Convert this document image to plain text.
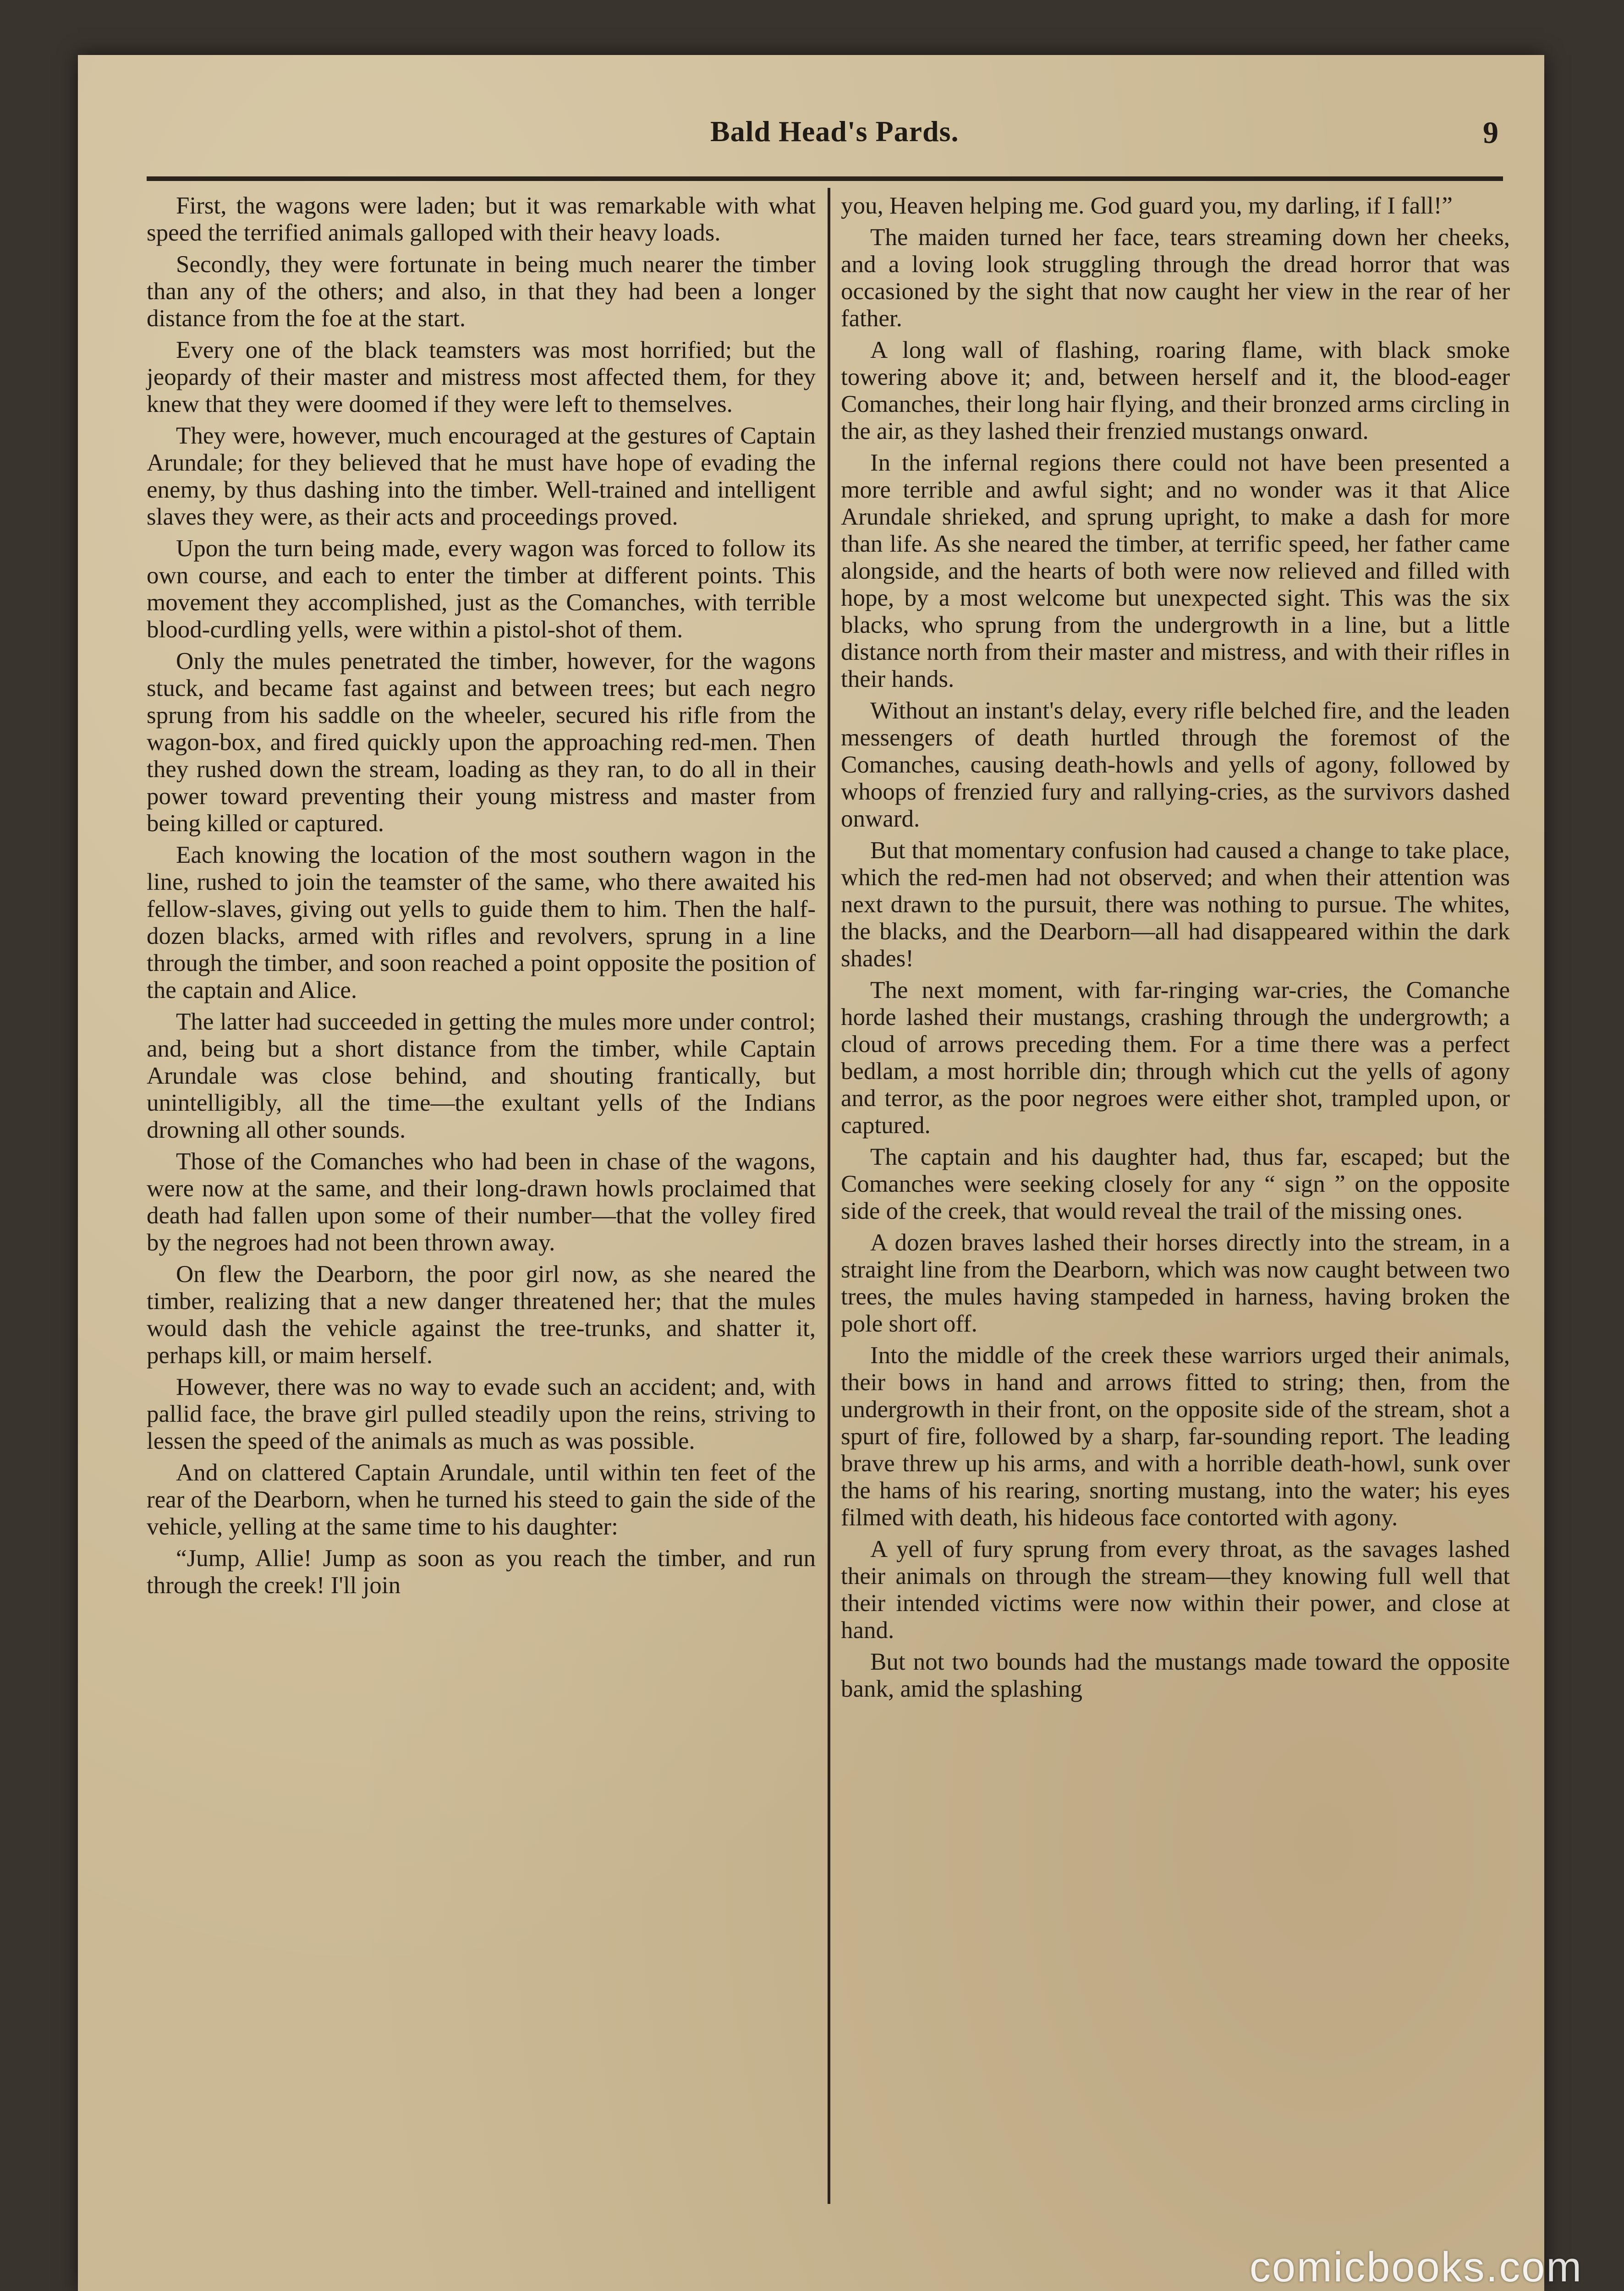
Bald Head's Pards.	9

First, the wagons were laden; but it was remarkable with what speed the terrified animals galloped with their heavy loads.

Secondly, they were fortunate in being much nearer the timber than any of the others; and also, in that they had been a longer distance from the foe at the start.

Every one of the black teamsters was most horrified; but the jeopardy of their master and mistress most affected them, for they knew that they were doomed if they were left to themselves.

They were, however, much encouraged at the gestures of Captain Arundale; for they believed that he must have hope of evading the enemy, by thus dashing into the timber. Well-trained and intelligent slaves they were, as their acts and proceedings proved.

Upon the turn being made, every wagon was forced to follow its own course, and each to enter the timber at different points. This movement they accomplished, just as the Comanches, with terrible blood-curdling yells, were within a pistol-shot of them.

Only the mules penetrated the timber, however, for the wagons stuck, and became fast against and between trees; but each negro sprung from his saddle on the wheeler, secured his rifle from the wagon-box, and fired quickly upon the approaching red-men. Then they rushed down the stream, loading as they ran, to do all in their power toward preventing their young mistress and master from being killed or captured.

Each knowing the location of the most southern wagon in the line, rushed to join the teamster of the same, who there awaited his fellow-slaves, giving out yells to guide them to him. Then the half-dozen blacks, armed with rifles and revolvers, sprung in a line through the timber, and soon reached a point opposite the position of the captain and Alice.

The latter had succeeded in getting the mules more under control; and, being but a short distance from the timber, while Captain Arundale was close behind, and shouting frantically, but unintelligibly, all the time—the exultant yells of the Indians drowning all other sounds.

Those of the Comanches who had been in chase of the wagons, were now at the same, and their long-drawn howls proclaimed that death had fallen upon some of their number—that the volley fired by the negroes had not been thrown away.

On flew the Dearborn, the poor girl now, as she neared the timber, realizing that a new danger threatened her; that the mules would dash the vehicle against the tree-trunks, and shatter it, perhaps kill, or maim herself.

However, there was no way to evade such an accident; and, with pallid face, the brave girl pulled steadily upon the reins, striving to lessen the speed of the animals as much as was possible.

And on clattered Captain Arundale, until within ten feet of the rear of the Dearborn, when he turned his steed to gain the side of the vehicle, yelling at the same time to his daughter:

“Jump, Allie! Jump as soon as you reach the timber, and run through the creek! I'll join

you, Heaven helping me. God guard you, my darling, if I fall!”

The maiden turned her face, tears streaming down her cheeks, and a loving look struggling through the dread horror that was occasioned by the sight that now caught her view in the rear of her father.

A long wall of flashing, roaring flame, with black smoke towering above it; and, between herself and it, the blood-eager Comanches, their long hair flying, and their bronzed arms circling in the air, as they lashed their frenzied mustangs onward.

In the infernal regions there could not have been presented a more terrible and awful sight; and no wonder was it that Alice Arundale shrieked, and sprung upright, to make a dash for more than life. As she neared the timber, at terrific speed, her father came alongside, and the hearts of both were now relieved and filled with hope, by a most welcome but unexpected sight. This was the six blacks, who sprung from the undergrowth in a line, but a little distance north from their master and mistress, and with their rifles in their hands.

Without an instant's delay, every rifle belched fire, and the leaden messengers of death hurtled through the foremost of the Comanches, causing death-howls and yells of agony, followed by whoops of frenzied fury and rallying-cries, as the survivors dashed onward.

But that momentary confusion had caused a change to take place, which the red-men had not observed; and when their attention was next drawn to the pursuit, there was nothing to pursue. The whites, the blacks, and the Dearborn—all had disappeared within the dark shades!

The next moment, with far-ringing war-cries, the Comanche horde lashed their mustangs, crashing through the undergrowth; a cloud of arrows preceding them. For a time there was a perfect bedlam, a most horrible din; through which cut the yells of agony and terror, as the poor negroes were either shot, trampled upon, or captured.

The captain and his daughter had, thus far, escaped; but the Comanches were seeking closely for any “ sign ” on the opposite side of the creek, that would reveal the trail of the missing ones.

A dozen braves lashed their horses directly into the stream, in a straight line from the Dearborn, which was now caught between two trees, the mules having stampeded in harness, having broken the pole short off.

Into the middle of the creek these warriors urged their animals, their bows in hand and arrows fitted to string; then, from the undergrowth in their front, on the opposite side of the stream, shot a spurt of fire, followed by a sharp, far-sounding report. The leading brave threw up his arms, and with a horrible death-howl, sunk over the hams of his rearing, snorting mustang, into the water; his eyes filmed with death, his hideous face contorted with agony.

A yell of fury sprung from every throat, as the savages lashed their animals on through the stream—they knowing full well that their intended victims were now within their power, and close at hand.

But not two bounds had the mustangs made toward the opposite bank, amid the splashing

comicbooks.com
